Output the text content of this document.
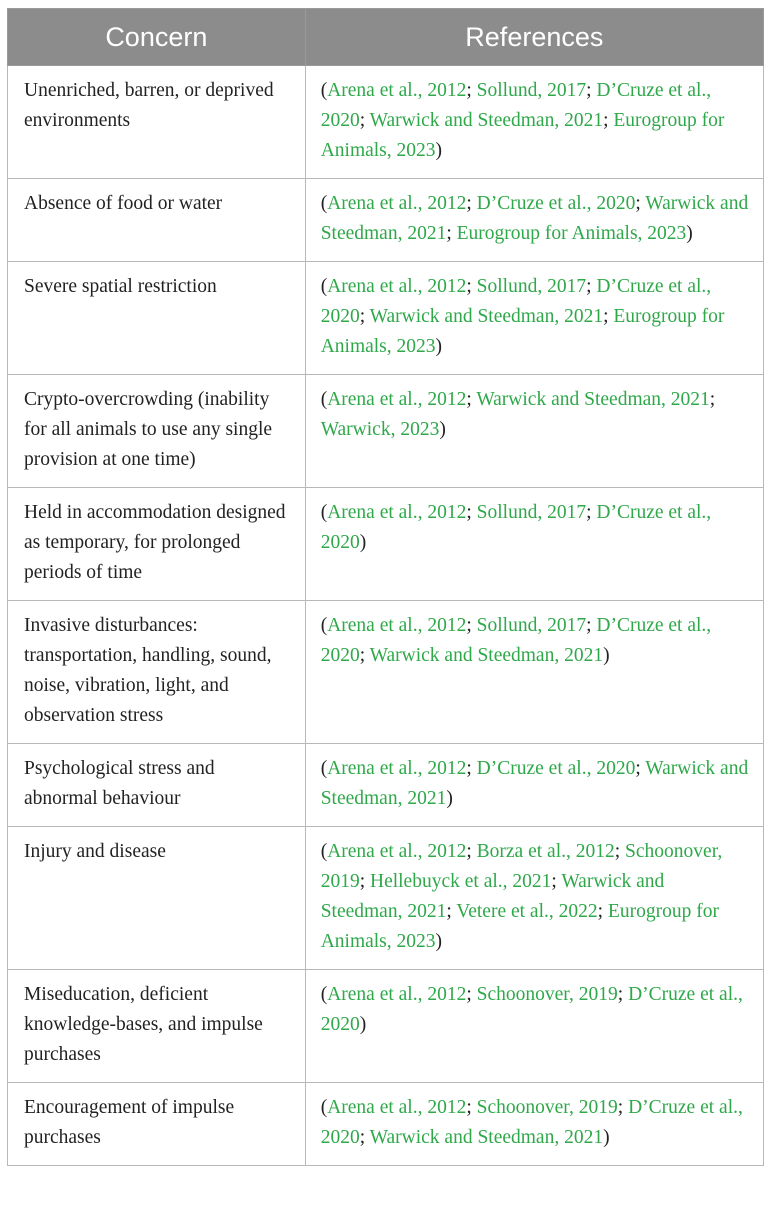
Concern	References
Unenriched, barren, or deprived environments	(Arena et al., 2012; Sollund, 2017; D’Cruze et al., 2020; Warwick and Steedman, 2021; Eurogroup for Animals, 2023)
Absence of food or water	(Arena et al., 2012; D’Cruze et al., 2020; Warwick and Steedman, 2021; Eurogroup for Animals, 2023)
Severe spatial restriction	(Arena et al., 2012; Sollund, 2017; D’Cruze et al., 2020; Warwick and Steedman, 2021; Eurogroup for Animals, 2023)
Crypto-overcrowding (inability for all animals to use any single provision at one time)	(Arena et al., 2012; Warwick and Steedman, 2021; Warwick, 2023)
Held in accommodation designed as temporary, for prolonged periods of time	(Arena et al., 2012; Sollund, 2017; D’Cruze et al., 2020)
Invasive disturbances: transportation, handling, sound, noise, vibration, light, and observation stress	(Arena et al., 2012; Sollund, 2017; D’Cruze et al., 2020; Warwick and Steedman, 2021)
Psychological stress and abnormal behaviour	(Arena et al., 2012; D’Cruze et al., 2020; Warwick and Steedman, 2021)
Injury and disease	(Arena et al., 2012; Borza et al., 2012; Schoonover, 2019; Hellebuyck et al., 2021; Warwick and Steedman, 2021; Vetere et al., 2022; Eurogroup for Animals, 2023)
Miseducation, deficient knowledge-bases, and impulse purchases	(Arena et al., 2012; Schoonover, 2019; D’Cruze et al., 2020)
Encouragement of impulse purchases	(Arena et al., 2012; Schoonover, 2019; D’Cruze et al., 2020; Warwick and Steedman, 2021)
